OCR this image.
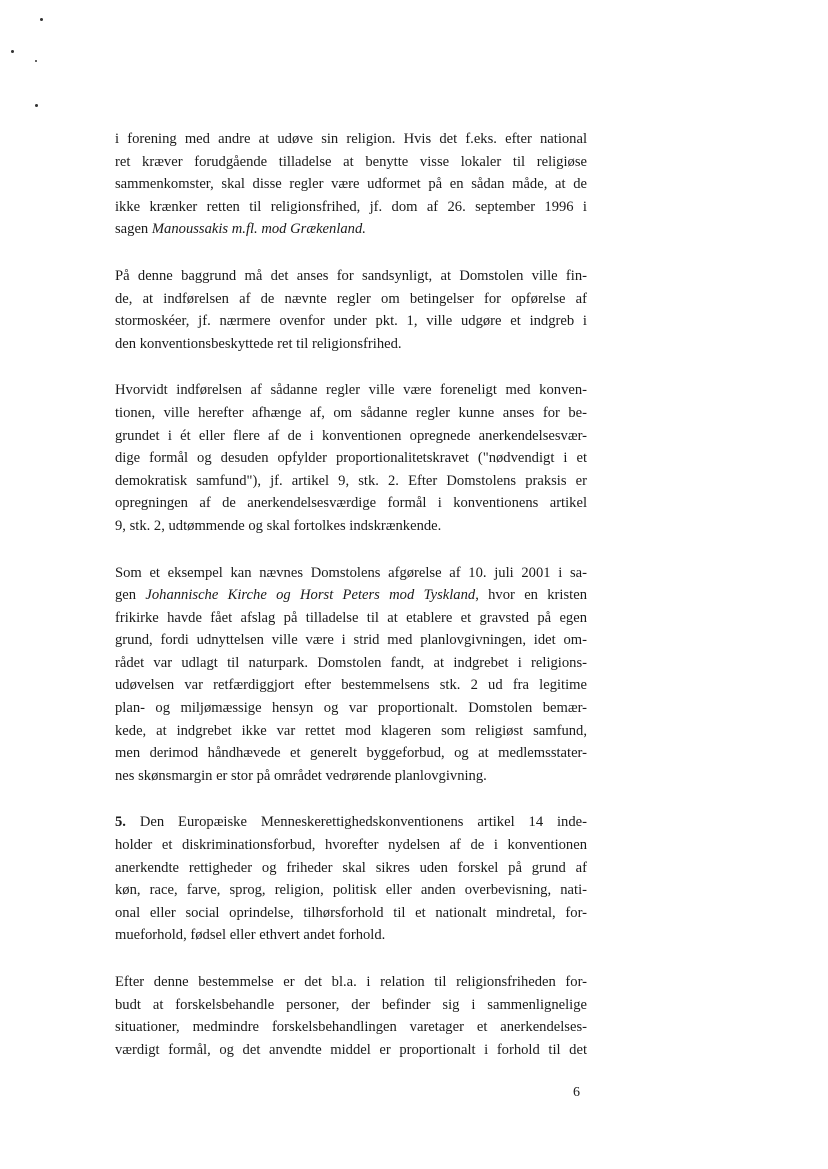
i forening med andre at udøve sin religion. Hvis det f.eks. efter national
ret kræver forudgående tilladelse at benytte visse lokaler til religiøse
sammenkomster, skal disse regler være udformet på en sådan måde, at de
ikke krænker retten til religionsfrihed, jf. dom af 26. september 1996 i
sagen Manoussakis m.fl. mod Grækenland.

På denne baggrund må det anses for sandsynligt, at Domstolen ville fin-
de, at indførelsen af de nævnte regler om betingelser for opførelse af
stormoskéer, jf. nærmere ovenfor under pkt. 1, ville udgøre et indgreb i
den konventionsbeskyttede ret til religionsfrihed.

Hvorvidt indførelsen af sådanne regler ville være foreneligt med konven-
tionen, ville herefter afhænge af, om sådanne regler kunne anses for be-
grundet i ét eller flere af de i konventionen opregnede anerkendelsesvær-
dige formål og desuden opfylder proportionalitetskravet ("nødvendigt i et
demokratisk samfund"), jf. artikel 9, stk. 2. Efter Domstolens praksis er
opregningen af de anerkendelsesværdige formål i konventionens artikel
9, stk. 2, udtømmende og skal fortolkes indskrænkende.

Som et eksempel kan nævnes Domstolens afgørelse af 10. juli 2001 i sa-
gen Johannische Kirche og Horst Peters mod Tyskland, hvor en kristen
frikirke havde fået afslag på tilladelse til at etablere et gravsted på egen
grund, fordi udnyttelsen ville være i strid med planlovgivningen, idet om-
rådet var udlagt til naturpark. Domstolen fandt, at indgrebet i religions-
udøvelsen var retfærdiggjort efter bestemmelsens stk. 2 ud fra legitime
plan- og miljømæssige hensyn og var proportionalt. Domstolen bemær-
kede, at indgrebet ikke var rettet mod klageren som religiøst samfund,
men derimod håndhævede et generelt byggeforbud, og at medlemsstater-
nes skønsmargin er stor på området vedrørende planlovgivning.

5. Den Europæiske Menneskerettighedskonventionens artikel 14 inde-
holder et diskriminationsforbud, hvorefter nydelsen af de i konventionen
anerkendte rettigheder og friheder skal sikres uden forskel på grund af
køn, race, farve, sprog, religion, politisk eller anden overbevisning, nati-
onal eller social oprindelse, tilhørsforhold til et nationalt mindretal, for-
mueforhold, fødsel eller ethvert andet forhold.

Efter denne bestemmelse er det bl.a. i relation til religionsfriheden for-
budt at forskelsbehandle personer, der befinder sig i sammenlignelige
situationer, medmindre forskelsbehandlingen varetager et anerkendelses-
værdigt formål, og det anvendte middel er proportionalt i forhold til det

6
